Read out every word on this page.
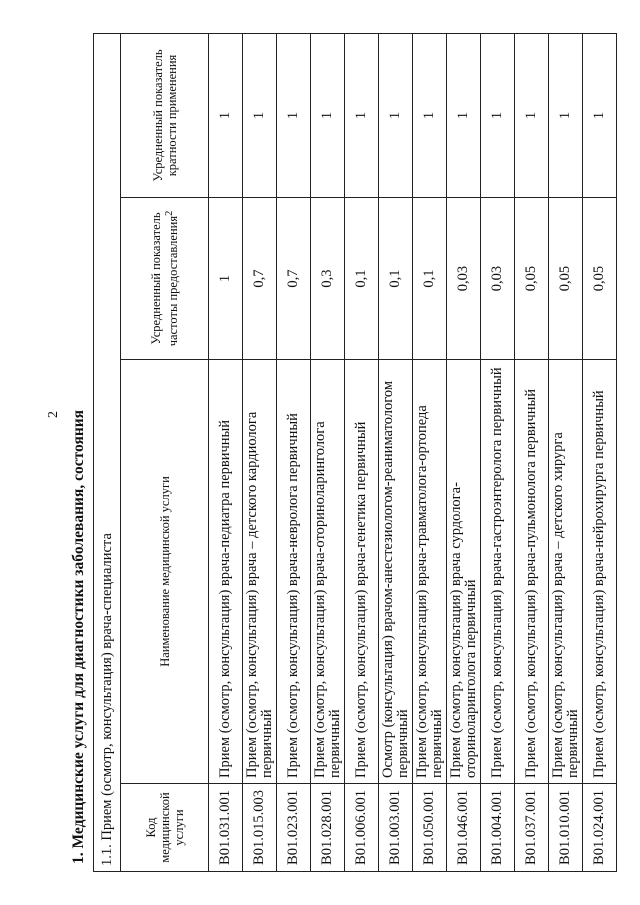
2 1. Медицинские услуги для диагностики заболевания, состояния 1.1. Прием (осмотр, консультация) врача-специалиста			
Код медицинской услуги	Наименование медицинской услуги	Усредненный показатель частоты предоставления$^2$	Усредненный показатель кратности применения
B01.031.001	Прием (осмотр, консультация) врача-педиатра первичный	1	1
B01.015.003	Прием (осмотр, консультация) врача – детского кардиолога первичный	0,7	1
B01.023.001	Прием (осмотр, консультация) врача-невролога первичный	0,7	1
B01.028.001	Прием (осмотр, консультация) врача-оториноларинголога первичный	0,3	1
B01.006.001	Прием (осмотр, консультация) врача-генетика первичный	0,1	1
B01.003.001	Осмотр (консультация) врачом-анестезиологом-реаниматологом первичный	0,1	1
B01.050.001	Прием (осмотр, консультация) врача-травматолога-ортопеда первичный	0,1	1
B01.046.001	Прием (осмотр, консультация) врача сурдолога-оториноларинголога первичный	0,03	1
B01.004.001	Прием (осмотр, консультация) врача-гастроэнтеролога первичный	0,03	1
B01.037.001	Прием (осмотр, консультация) врача-пульмонолога первичный	0,05	1
B01.010.001	Прием (осмотр, консультация) врача – детского хирурга первичный	0,05	1
B01.024.001	Прием (осмотр, консультация) врача-нейрохирурга первичный	0,05	1
